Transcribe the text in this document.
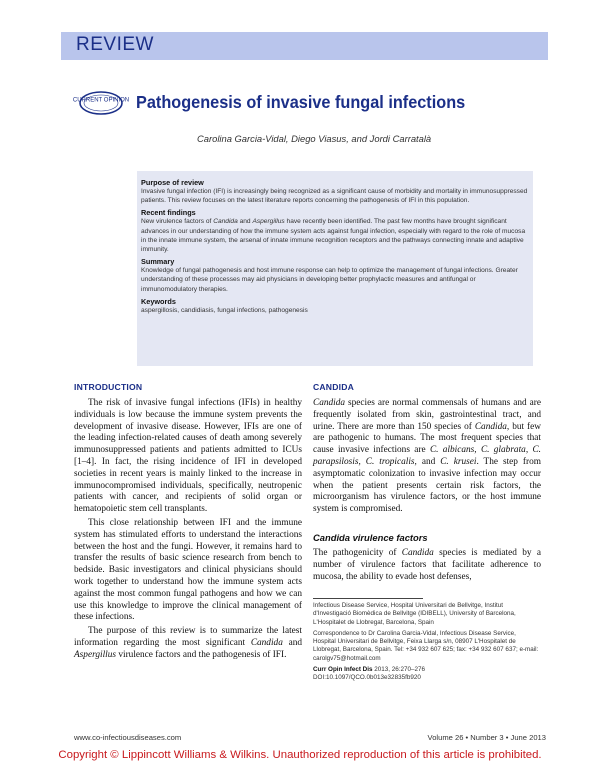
REVIEW
CURRENT OPINION Pathogenesis of invasive fungal infections
Carolina Garcia-Vidal, Diego Viasus, and Jordi Carratalà
Purpose of review
Invasive fungal infection (IFI) is increasingly being recognized as a significant cause of morbidity and mortality in immunosuppressed patients. This review focuses on the latest literature reports concerning the pathogenesis of IFI in this population.
Recent findings
New virulence factors of Candida and Aspergillus have recently been identified. The past few months have brought significant advances in our understanding of how the immune system acts against fungal infection, especially with regard to the role of mucosa in the innate immune system, the arsenal of innate immune recognition receptors and the pathways connecting innate and adaptive immunity.
Summary
Knowledge of fungal pathogenesis and host immune response can help to optimize the management of fungal infections. Greater understanding of these processes may aid physicians in developing better prophylactic measures and antifungal or immunomodulatory therapies.
Keywords
aspergillosis, candidiasis, fungal infections, pathogenesis
INTRODUCTION

The risk of invasive fungal infections (IFIs) in healthy individuals is low because the immune system prevents the development of invasive disease. However, IFIs are one of the leading infection-related causes of death among severely immunosuppressed patients and patients admitted to ICUs [1–4]. In fact, the rising incidence of IFI in developed societies in recent years is mainly linked to the increase in immunocompromised individuals, specifically, neutropenic patients with cancer, and recipients of solid organ or hematopoietic stem cell transplants.

This close relationship between IFI and the immune system has stimulated efforts to understand the interactions between the host and the fungi. However, it remains hard to transfer the results of basic science research from bench to bedside. Basic investigators and clinical physicians should work together to understand how the immune system acts against the most common fungal pathogens and how we can use this knowledge to improve the clinical management of these infections.

The purpose of this review is to summarize the latest information regarding the most significant Candida and Aspergillus virulence factors and the pathogenesis of IFI.

CANDIDA

Candida species are normal commensals of humans and are frequently isolated from skin, gastrointestinal tract, and urine. There are more than 150 species of Candida, but few are pathogenic to humans. The most frequent species that cause invasive infections are C. albicans, C. glabrata, C. parapsilosis, C. tropicalis, and C. krusei. The step from asymptomatic colonization to invasive infection may occur when the patient presents certain risk factors, the microorganism has virulence factors, or the host immune system is compromised.

Candida virulence factors

The pathogenicity of Candida species is mediated by a number of virulence factors that facilitate adherence to mucosa, the ability to evade host defenses,

Infectious Disease Service, Hospital Universitari de Bellvitge, Institut d'Investigació Biomèdica de Bellvitge (IDIBELL), University of Barcelona, L'Hospitalet de Llobregat, Barcelona, Spain

Correspondence to Dr Carolina Garcia-Vidal, Infectious Disease Service, Hospital Universitari de Bellvitge, Feixa Llarga s/n, 08907 L'Hospitalet de Llobregat, Barcelona, Spain. Tel: +34 932 607 625; fax: +34 932 607 637; e-mail: carolgv75@hotmail.com

Curr Opin Infect Dis 2013, 26:270–276
DOI:10.1097/QCO.0b013e32835fb920

www.co-infectiousdiseases.com	Volume 26 • Number 3 • June 2013
Copyright © Lippincott Williams & Wilkins. Unauthorized reproduction of this article is prohibited.
